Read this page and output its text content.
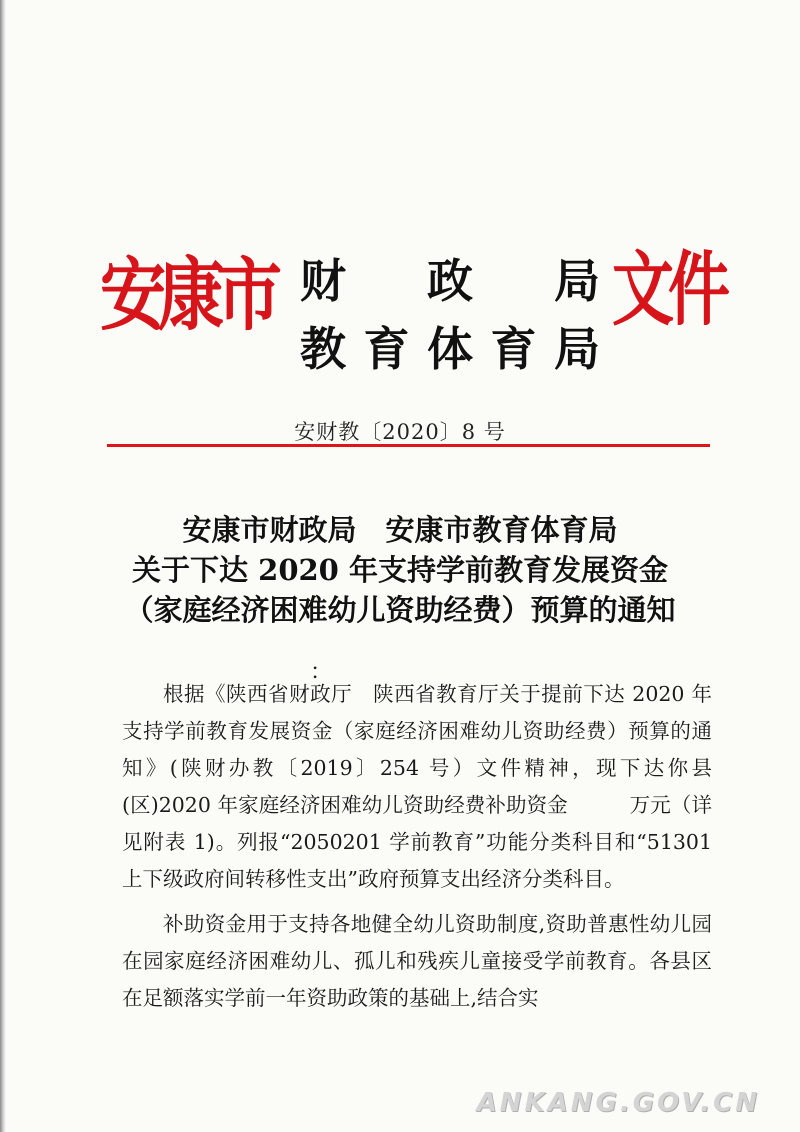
安康市	文件
财 政 局
教 育 体 育 局
安财教〔2020〕8 号
安康市财政局　安康市教育体育局
关于下达 2020 年支持学前教育发展资金
（家庭经济困难幼儿资助经费）预算的通知
：

根据《陕西省财政厅　陕西省教育厅关于提前下达 2020 年支持学前教育发展资金（家庭经济困难幼儿资助经费）预算的通知》(陕财办教〔2019〕254 号）文件精神，现下达你县(区)2020 年家庭经济困难幼儿资助经费补助资金　　　万元（详见附表 1)。列报“2050201 学前教育”功能分类科目和“51301 上下级政府间转移性支出”政府预算支出经济分类科目。

补助资金用于支持各地健全幼儿资助制度,资助普惠性幼儿园在园家庭经济困难幼儿、孤儿和残疾儿童接受学前教育。各县区在足额落实学前一年资助政策的基础上,结合实

ANKANG.GOV.CN
